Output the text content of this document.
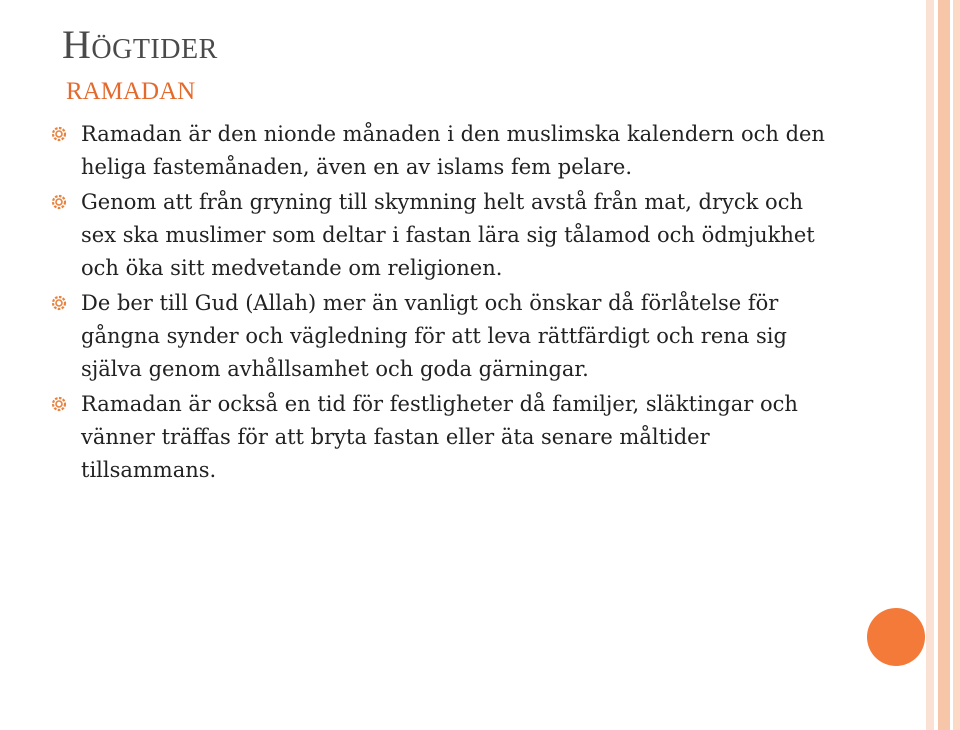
Högtider
RAMADAN
Ramadan är den nionde månaden i den muslimska kalendern och den heliga fastemånaden, även en av islams fem pelare.
Genom att från gryning till skymning helt avstå från mat, dryck och sex ska muslimer som deltar i fastan lära sig tålamod och ödmjukhet och öka sitt medvetande om religionen.
De ber till Gud (Allah) mer än vanligt och önskar då förlåtelse för gångna synder och vägledning för att leva rättfärdigt och rena sig själva genom avhållsamhet och goda gärningar.
Ramadan är också en tid för festligheter då familjer, släktingar och vänner träffas för att bryta fastan eller äta senare måltider tillsammans.
